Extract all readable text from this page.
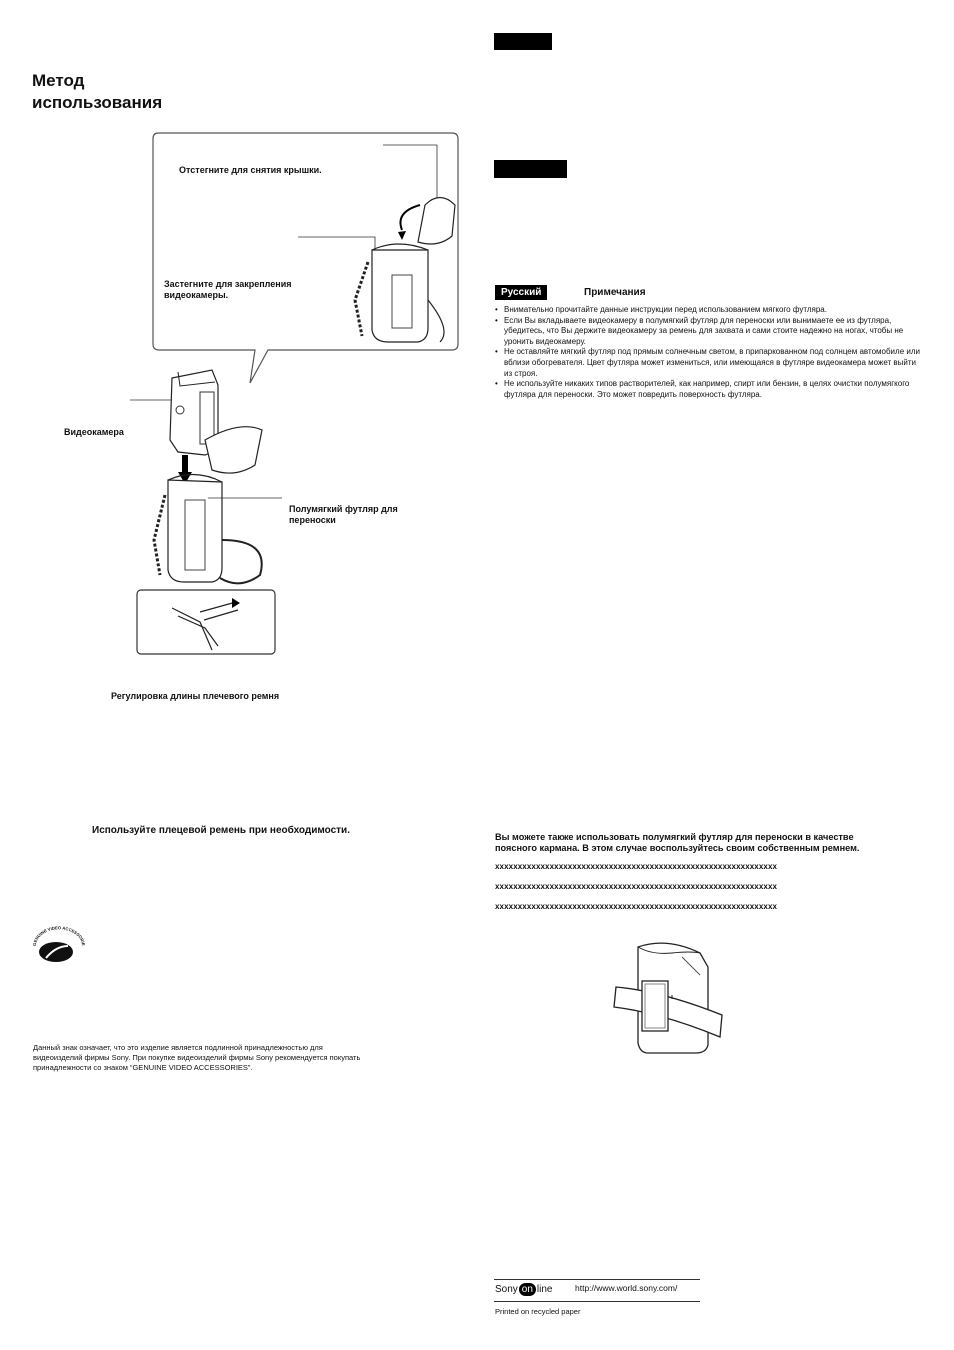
Метод
использования
Отстегните для снятия крышки.
Застегните для закрепления
видеокамеры.
Видеокамера
Полумягкий футляр для
переноски
Регулировка длины плечевого ремня
Используйте плецевой ремень при необходимости.
GENUINE VIDEO ACCESSORIES
Данный знак означает, что это изделие является подлинной принадлежностью для
видеоизделий фирмы Sony. При покупке видеоизделий фирмы Sony рекомендуется покупать
принадлежности со знаком “GENUINE VIDEO ACCESSORIES”.
Русский	Примечания
• Внимательно прочитайте данные инструкции перед использованием мягкого футляра.
• Если Вы вкладываете видеокамеру в полумягкий футляр для переноски или вынимаете ее из футляра, убедитесь, что Вы держите видеокамеру за ремень для захвата и сами стоите надежно на ногах, чтобы не уронить видеокамеру.
• Не оставляйте мягкий футляр под прямым солнечным светом, в припаркованном под солнцем автомобиле или вблизи обогревателя. Цвет футляра может измениться, или имеющаяся в футляре видеокамера может выйти из строя.
• Не используйте никаких типов растворителей, как например, спирт или бензин, в целях очистки полумягкого футляра для переноски. Это может повредить поверхность футляра.
Вы можете также использовать полумягкий футляр для переноски в качестве
поясного кармана. В этом случае воспользуйтесь своим собственным ремнем.
xxxxxxxxxxxxxxxxxxxxxxxxxxxxxxxxxxxxxxxxxxxxxxxxxxxxxxxxxxxxxx
xxxxxxxxxxxxxxxxxxxxxxxxxxxxxxxxxxxxxxxxxxxxxxxxxxxxxxxxxxxxxx
xxxxxxxxxxxxxxxxxxxxxxxxxxxxxxxxxxxxxxxxxxxxxxxxxxxxxxxxxxxxxx
Sony on line	http://www.world.sony.com/
Printed on recycled paper
